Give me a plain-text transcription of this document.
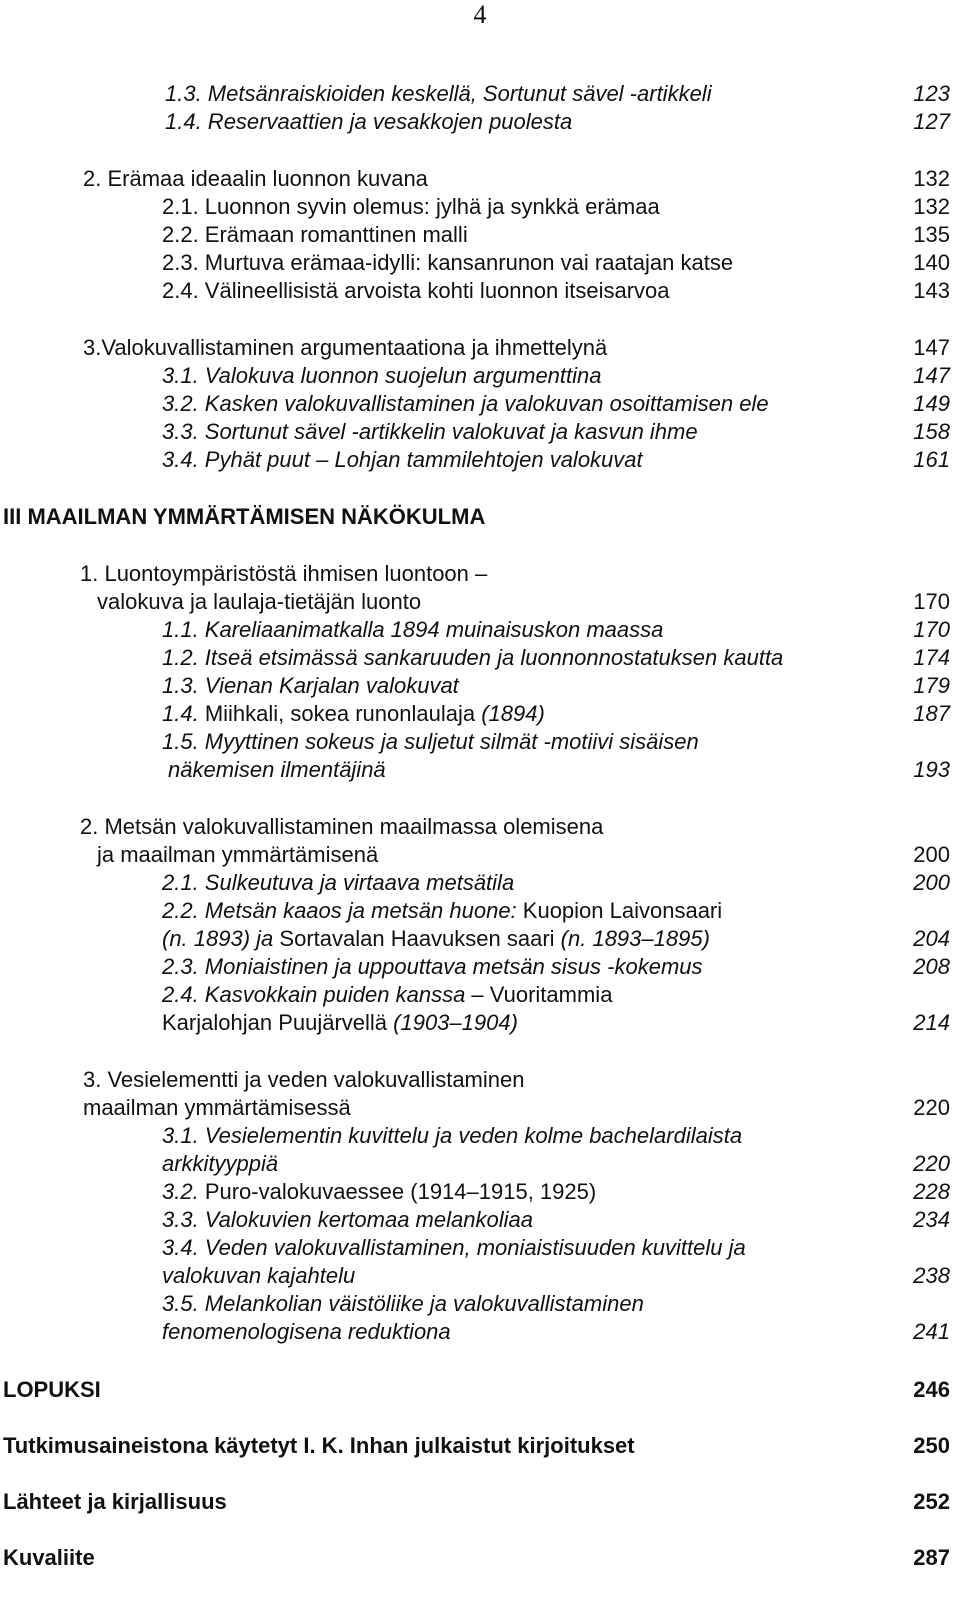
4
1.3. Metsänraiskioiden keskellä, Sortunut sävel -artikkeli	123
1.4. Reservaattien ja vesakkojen puolesta	127
2. Erämaa ideaalin luonnon kuvana	132
2.1. Luonnon syvin olemus: jylhä ja synkkä erämaa	132
2.2. Erämaan romanttinen malli	135
2.3. Murtuva erämaa-idylli: kansanrunon vai raatajan katse	140
2.4. Välineellisistä arvoista kohti luonnon itseisarvoa	143
3.Valokuvallistaminen argumentaationa ja ihmettelynä	147
3.1. Valokuva luonnon suojelun argumenttina	147
3.2. Kasken valokuvallistaminen ja valokuvan osoittamisen ele	149
3.3. Sortunut sävel -artikkelin valokuvat ja kasvun ihme	158
3.4. Pyhät puut – Lohjan tammilehtojen valokuvat	161
III MAAILMAN YMMÄRTÄMISEN NÄKÖKULMA
1. Luontoympäristöstä ihmisen luontoon –
valokuva ja laulaja-tietäjän luonto	170
1.1. Kareliaanimatkalla 1894 muinaisuskon maassa	170
1.2. Itseä etsimässä sankaruuden ja luonnonnostatuksen kautta	174
1.3. Vienan Karjalan valokuvat	179
1.4. Miihkali, sokea runonlaulaja (1894)	187
1.5. Myyttinen sokeus ja suljetut silmät -motiivi sisäisen
näkemisen ilmentäjinä	193
2. Metsän valokuvallistaminen maailmassa olemisena
ja maailman ymmärtämisenä	200
2.1. Sulkeutuva ja virtaava metsätila	200
2.2. Metsän kaaos ja metsän huone: Kuopion Laivonsaari
(n. 1893) ja Sortavalan Haavuksen saari (n. 1893–1895)	204
2.3. Moniaistinen ja uppouttava metsän sisus -kokemus	208
2.4. Kasvokkain puiden kanssa – Vuoritammia
Karjalohjan Puujärvellä (1903–1904)	214
3. Vesielementti ja veden valokuvallistaminen
maailman ymmärtämisessä	220
3.1. Vesielementin kuvittelu ja veden kolme bachelardilaista
arkkityyppiä	220
3.2. Puro-valokuvaessee (1914–1915, 1925)	228
3.3. Valokuvien kertomaa melankoliaa	234
3.4. Veden valokuvallistaminen, moniaistisuuden kuvittelu ja
valokuvan kajahtelu	238
3.5. Melankolian väistöliike ja valokuvallistaminen
fenomenologisena reduktiona	241
LOPUKSI	246
Tutkimusaineistona käytetyt I. K. Inhan julkaistut kirjoitukset	250
Lähteet ja kirjallisuus	252
Kuvaliite	287
